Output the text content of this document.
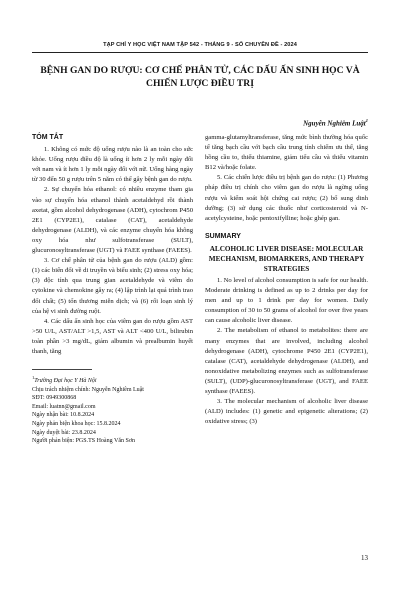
TẠP CHÍ Y HỌC VIỆT NAM TẬP 542 - THÁNG 9 - SỐ CHUYÊN ĐỀ - 2024
BỆNH GAN DO RƯỢU: CƠ CHẾ PHÂN TỬ, CÁC DẤU ẤN SINH HỌC VÀ CHIẾN LƯỢC ĐIỀU TRỊ
Nguyễn Nghiêm Luật$^1$
TÓM TẮT

1. Không có mức độ uống rượu nào là an toàn cho sức khỏe. Uống rượu điều độ là uống ít hơn 2 ly mỗi ngày đối với nam và ít hơn 1 ly mỗi ngày đối với nữ. Uống hàng ngày từ 30 đến 50 g rượu trên 5 năm có thể gây bệnh gan do rượu.

2. Sự chuyển hóa ethanol: có nhiều enzyme tham gia vào sự chuyển hóa ethanol thành acetaldehyd rồi thành axetat, gồm alcohol dehydrogenase (ADH), cytochrom P450 2E1 (CYP2E1), catalase (CAT), acetaldehyde dehydrogenase (ALDH), và các enzyme chuyển hóa không oxy hóa như sulfotransferase (SULT), glucuronosyltransferase (UGT) và FAEE synthase (FAEES).

3. Cơ chế phân tử của bệnh gan do rượu (ALD) gồm: (1) các biến đổi về di truyền và biểu sinh; (2) stress oxy hóa; (3) độc tính qua trung gian acetaldehyde và viêm do cytokine và chemokine gây ra; (4) lập trình lại quá trình trao đổi chất; (5) tổn thương miễn dịch; và (6) rối loạn sinh lý của hệ vi sinh đường ruột.

4. Các dấu ấn sinh học của viêm gan do rượu gồm AST >50 U/L, AST/ALT >1,5, AST và ALT <400 U/L, bilirubin toàn phần >3 mg/dL, giảm albumin và prealbumin huyết thanh, tăng

$^1$Trường Đại học Y Hà Nội
Chịu trách nhiệm chính: Nguyễn Nghiêm Luật
SĐT: 0949300868
Email: luatnn@gmail.com
Ngày nhận bài: 10.8.2024
Ngày phản biện khoa học: 15.8.2024
Ngày duyệt bài: 23.8.2024
Người phản biện: PGS.TS Hoàng Văn Sơn

gamma-glutamyltransferase, tăng mức bình thường hóa quốc tế tăng bạch cầu với bạch cầu trung tính chiếm ưu thế, tăng hồng cầu to, thiếu thiamine, giảm tiểu cầu và thiếu vitamin B12 và/hoặc folate.

5. Các chiến lược điều trị bệnh gan do rượu: (1) Phương pháp điều trị chính cho viêm gan do rượu là ngừng uống rượu và kiểm soát hội chứng cai rượu; (2) bổ sung dinh dưỡng; (3) sử dụng các thuốc như corticosteroid và N-acetylcysteine, hoặc pentoxifylline; hoặc ghép gan.

SUMMARY
ALCOHOLIC LIVER DISEASE: MOLECULAR MECHANISM, BIOMARKERS, AND THERAPY STRATEGIES

1. No level of alcohol consumption is safe for our health. Moderate drinking is defined as up to 2 drinks per day for men and up to 1 drink per day for women. Daily consumption of 30 to 50 grams of alcohol for over five years can cause alcoholic liver disease.

2. The metabolism of ethanol to metabolites: there are many enzymes that are involved, including alcohol dehydrogenase (ADH), cytochrome P450 2E1 (CYP2E1), catalase (CAT), acetaldehyde dehydrogenase (ALDH), and nonoxidative metabolizing enzymes such as sulfotransferase (SULT), (UDP)-glucuronosyltransferase (UGT), and FAEE synthase (FAEES).

3. The molecular mechanism of alcoholic liver disease (ALD) includes: (1) genetic and epigenetic alterations; (2) oxidative stress; (3)

13
